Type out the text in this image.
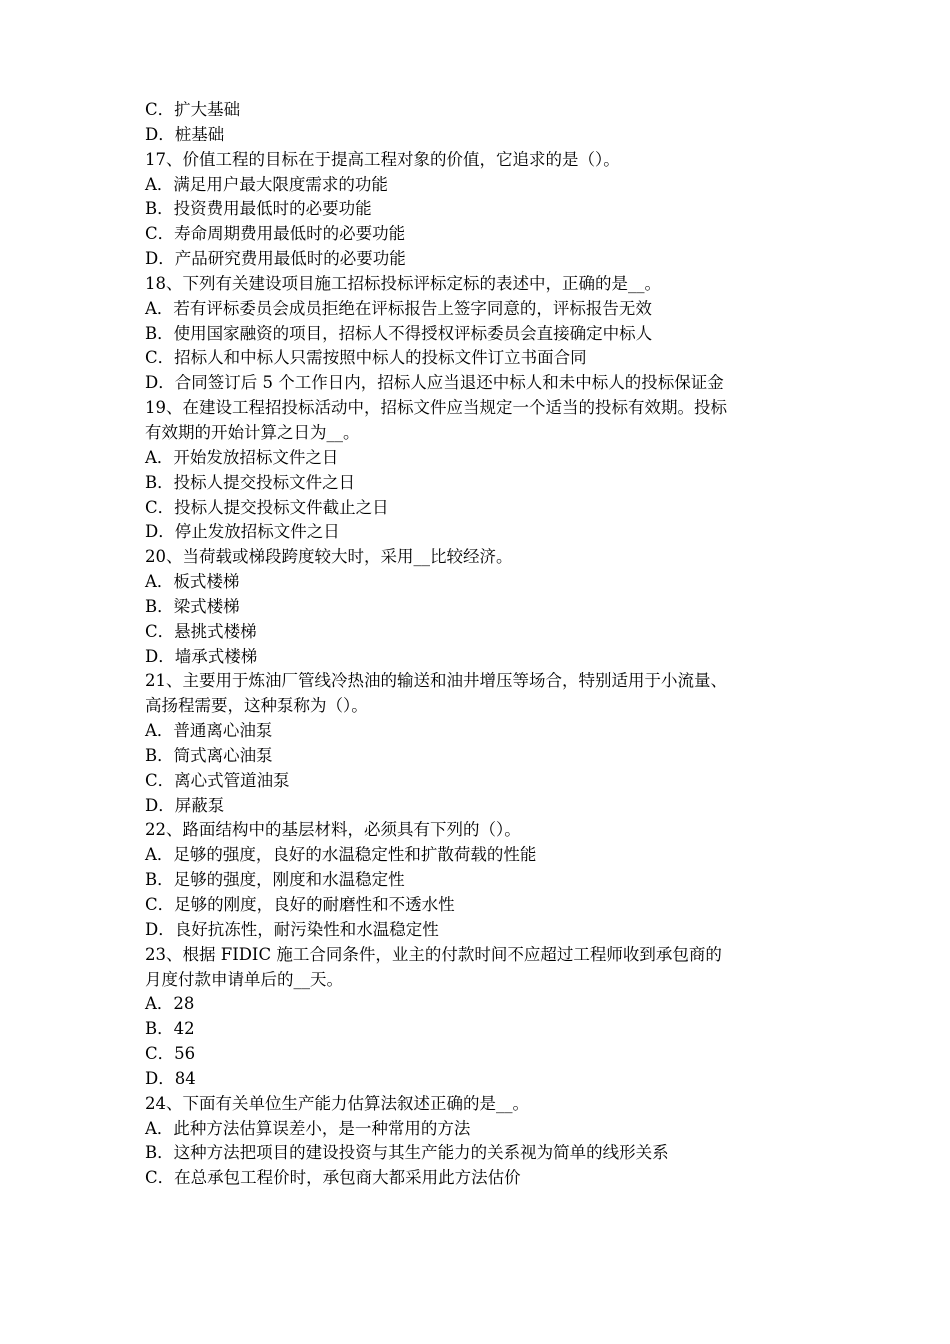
C．扩大基础
D．桩基础
17、价值工程的目标在于提高工程对象的价值，它追求的是（）。
A．满足用户最大限度需求的功能
B．投资费用最低时的必要功能
C．寿命周期费用最低时的必要功能
D．产品研究费用最低时的必要功能
18、下列有关建设项目施工招标投标评标定标的表述中，正确的是__。
A．若有评标委员会成员拒绝在评标报告上签字同意的，评标报告无效
B．使用国家融资的项目，招标人不得授权评标委员会直接确定中标人
C．招标人和中标人只需按照中标人的投标文件订立书面合同
D．合同签订后 5 个工作日内，招标人应当退还中标人和未中标人的投标保证金
19、在建设工程招投标活动中，招标文件应当规定一个适当的投标有效期。投标
有效期的开始计算之日为__。
A．开始发放招标文件之日
B．投标人提交投标文件之日
C．投标人提交投标文件截止之日
D．停止发放招标文件之日
20、当荷载或梯段跨度较大时，采用__比较经济。
A．板式楼梯
B．梁式楼梯
C．悬挑式楼梯
D．墙承式楼梯
21、主要用于炼油厂管线冷热油的输送和油井增压等场合，特别适用于小流量、
高扬程需要，这种泵称为（）。
A．普通离心油泵
B．筒式离心油泵
C．离心式管道油泵
D．屏蔽泵
22、路面结构中的基层材料，必须具有下列的（）。
A．足够的强度，良好的水温稳定性和扩散荷载的性能
B．足够的强度，刚度和水温稳定性
C．足够的刚度，良好的耐磨性和不透水性
D．良好抗冻性，耐污染性和水温稳定性
23、根据 FIDIC 施工合同条件，业主的付款时间不应超过工程师收到承包商的
月度付款申请单后的__天。
A．28
B．42
C．56
D．84
24、下面有关单位生产能力估算法叙述正确的是__。
A．此种方法估算误差小，是一种常用的方法
B．这种方法把项目的建设投资与其生产能力的关系视为简单的线形关系
C．在总承包工程价时，承包商大都采用此方法估价
